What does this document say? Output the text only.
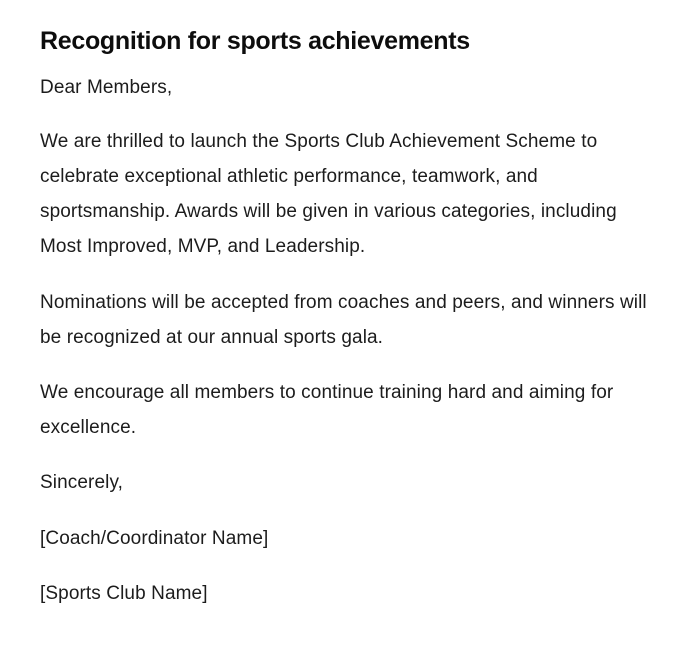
Recognition for sports achievements

Dear Members,

We are thrilled to launch the Sports Club Achievement Scheme to celebrate exceptional athletic performance, teamwork, and sportsmanship. Awards will be given in various categories, including Most Improved, MVP, and Leadership.

Nominations will be accepted from coaches and peers, and winners will be recognized at our annual sports gala.

We encourage all members to continue training hard and aiming for excellence.

Sincerely,

[Coach/Coordinator Name]

[Sports Club Name]
